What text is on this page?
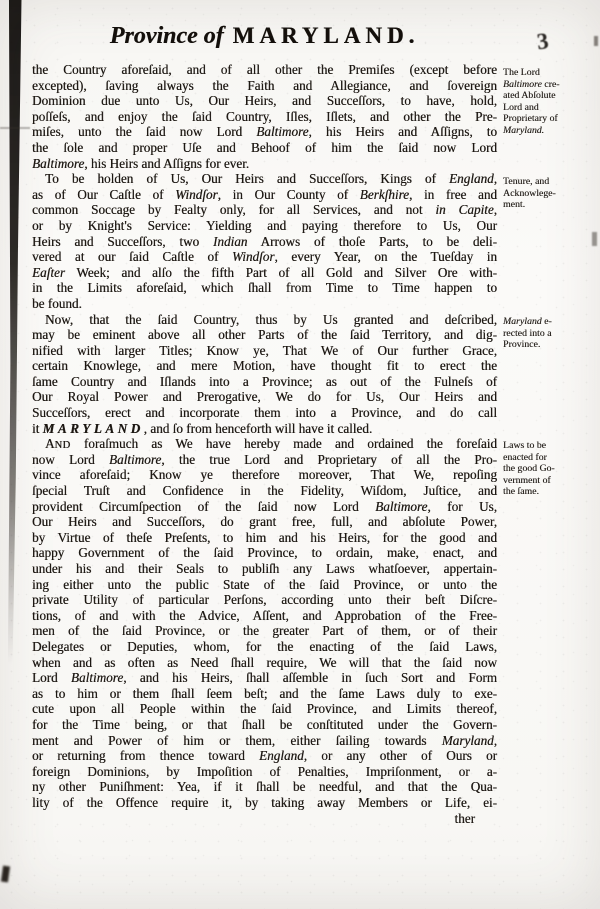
Province of MARYLAND.	3
the Country aforeſaid, and of all other the Premiſes (except before
excepted), ſaving always the Faith and Allegiance, and ſovereign
Dominion due unto Us, Our Heirs, and Succeſſors, to have, hold,
poſſeſs, and enjoy the ſaid Country, Iſles, Iſlets, and other the Pre-
miſes, unto the ſaid now Lord Baltimore, his Heirs and Aſſigns, to
the ſole and proper Uſe and Behoof of him the ſaid now Lord
Baltimore, his Heirs and Aſſigns for ever.
To be holden of Us, Our Heirs and Succeſſors, Kings of England,
as of Our Caſtle of Windſor, in Our County of Berkſhire, in free and
common Soccage by Fealty only, for all Services, and not in Capite,
or by Knight's Service: Yielding and paying therefore to Us, Our
Heirs and Succeſſors, two Indian Arrows of thoſe Parts, to be deli-
vered at our ſaid Caſtle of Windſor, every Year, on the Tueſday in
Eaſter Week; and alſo the fifth Part of all Gold and Silver Ore with-
in the Limits aforeſaid, which ſhall from Time to Time happen to
be found.
Now, that the ſaid Country, thus by Us granted and deſcribed,
may be eminent above all other Parts of the ſaid Territory, and dig-
nified with larger Titles; Know ye, That We of Our further Grace,
certain Knowlege, and mere Motion, have thought fit to erect the
ſame Country and Iſlands into a Province; as out of the Fulneſs of
Our Royal Power and Prerogative, We do for Us, Our Heirs and
Succeſſors, erect and incorporate them into a Province, and do call
it MARYLAND, and ſo from henceforth will have it called.
AND foraſmuch as We have hereby made and ordained the foreſaid
now Lord Baltimore, the true Lord and Proprietary of all the Pro-
vince aforeſaid; Know ye therefore moreover, That We, repoſing
ſpecial Truſt and Confidence in the Fidelity, Wiſdom, Juſtice, and
provident Circumſpection of the ſaid now Lord Baltimore, for Us,
Our Heirs and Succeſſors, do grant free, full, and abſolute Power,
by Virtue of theſe Preſents, to him and his Heirs, for the good and
happy Government of the ſaid Province, to ordain, make, enact, and
under his and their Seals to publiſh any Laws whatſoever, appertain-
ing either unto the public State of the ſaid Province, or unto the
private Utility of particular Perſons, according unto their beſt Diſcre-
tions, of and with the Advice, Aſſent, and Approbation of the Free-
men of the ſaid Province, or the greater Part of them, or of their
Delegates or Deputies, whom, for the enacting of the ſaid Laws,
when and as often as Need ſhall require, We will that the ſaid now
Lord Baltimore, and his Heirs, ſhall aſſemble in ſuch Sort and Form
as to him or them ſhall ſeem beſt; and the ſame Laws duly to exe-
cute upon all People within the ſaid Province, and Limits thereof,
for the Time being, or that ſhall be conſtituted under the Govern-
ment and Power of him or them, either ſailing towards Maryland,
or returning from thence toward England, or any other of Ours or
foreign Dominions, by Impoſition of Penalties, Impriſonment, or a-
ny other Puniſhment: Yea, if it ſhall be needful, and that the Qua-
lity of the Offence require it, by taking away Members or Life, ei-
The Lord
Baltimore cre-
ated Abſolute
Lord and
Proprietary of
Maryland.
Tenure, and
Acknowlege-
ment.
Maryland e-
rected into a
Province.
Laws to be
enacted for
the good Go-
vernment of
the ſame.
ther
